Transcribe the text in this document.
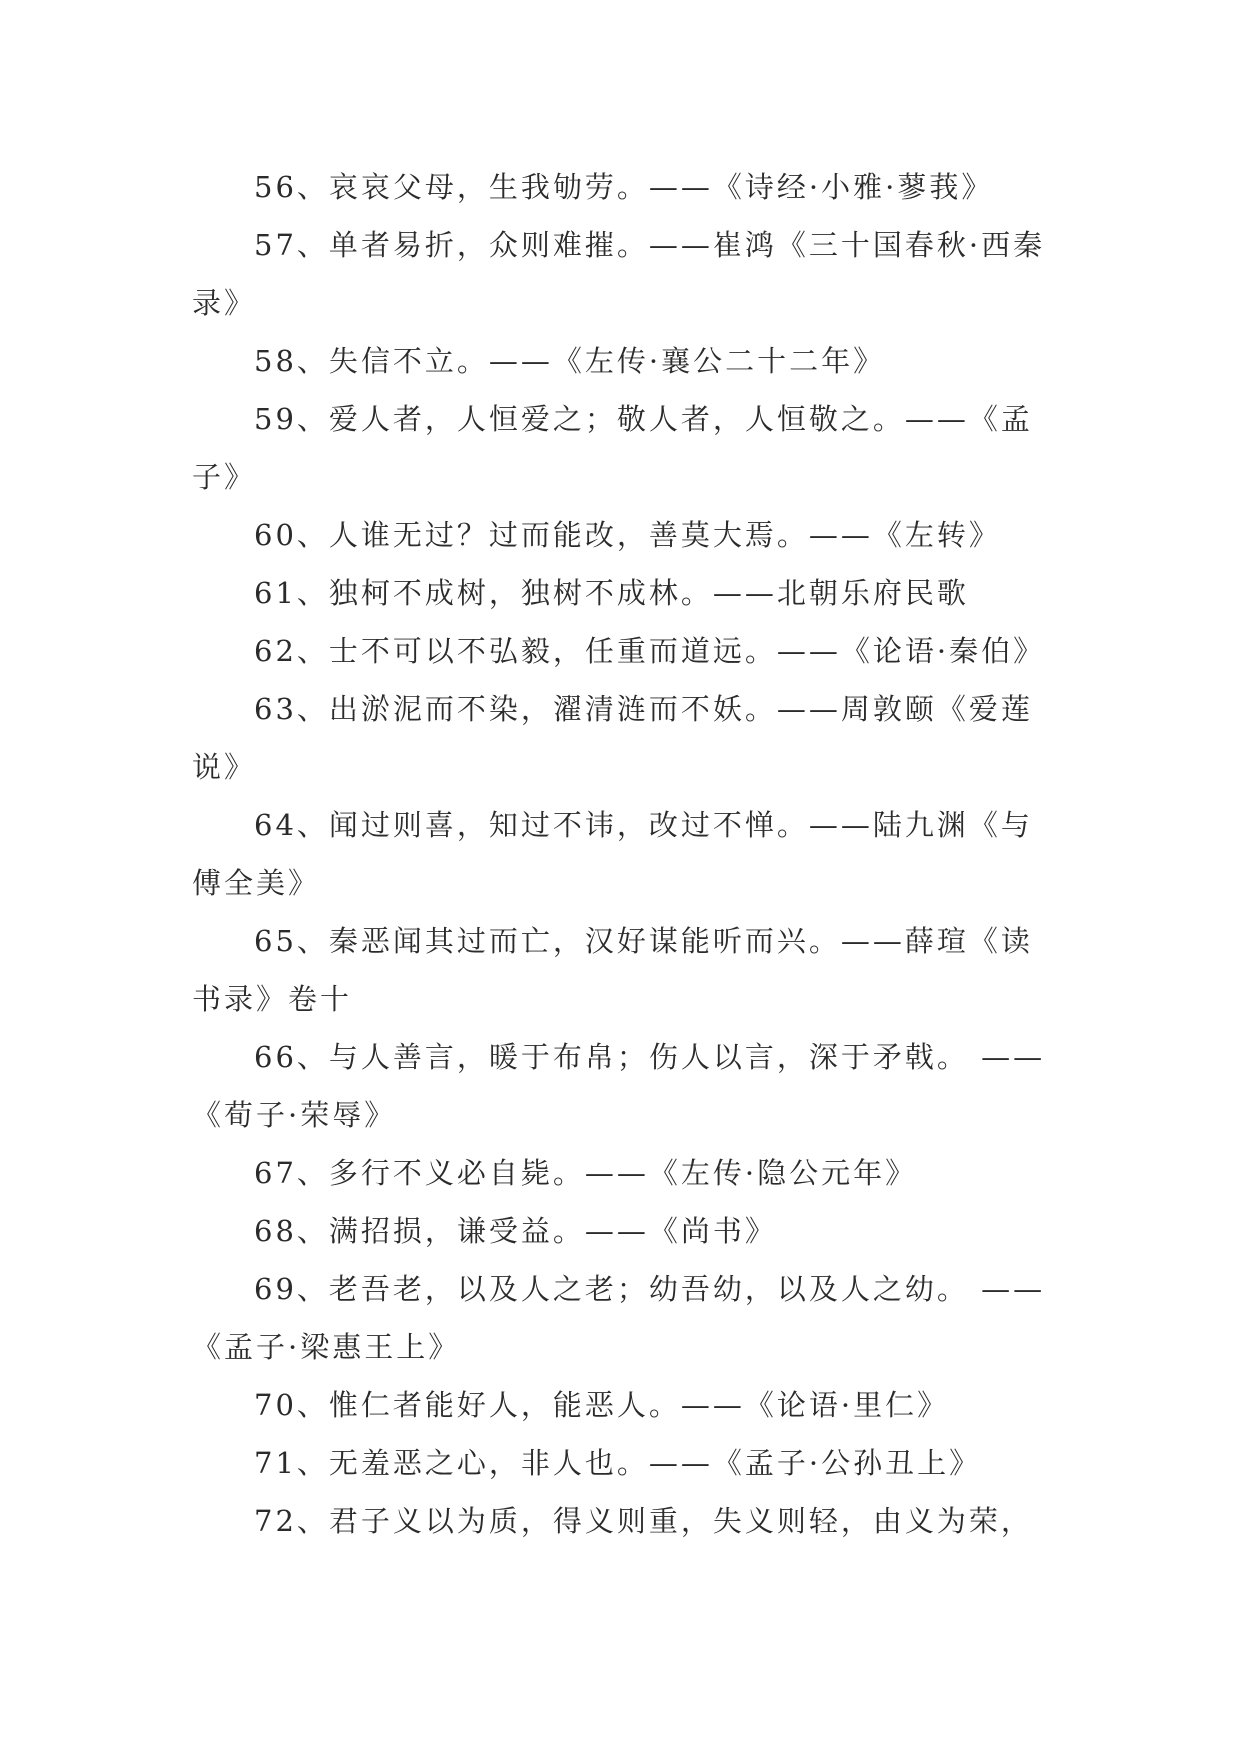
56、哀哀父母，生我劬劳。——《诗经·小雅·蓼莪》

57、单者易折，众则难摧。——崔鸿《三十国春秋·西秦录》

58、失信不立。——《左传·襄公二十二年》

59、爱人者，人恒爱之；敬人者，人恒敬之。——《孟子》

60、人谁无过？过而能改，善莫大焉。——《左转》

61、独柯不成树，独树不成林。——北朝乐府民歌

62、士不可以不弘毅，任重而道远。——《论语·秦伯》

63、出淤泥而不染，濯清涟而不妖。——周敦颐《爱莲说》

64、闻过则喜，知过不讳，改过不惮。——陆九渊《与傅全美》

65、秦恶闻其过而亡，汉好谋能听而兴。——薛瑄《读书录》卷十

66、与人善言，暖于布帛；伤人以言，深于矛戟。 ——《荀子·荣辱》

67、多行不义必自毙。——《左传·隐公元年》

68、满招损，谦受益。——《尚书》

69、老吾老，以及人之老；幼吾幼，以及人之幼。 ——《孟子·梁惠王上》

70、惟仁者能好人，能恶人。——《论语·里仁》

71、无羞恶之心，非人也。——《孟子·公孙丑上》

72、君子义以为质，得义则重，失义则轻，由义为荣，
